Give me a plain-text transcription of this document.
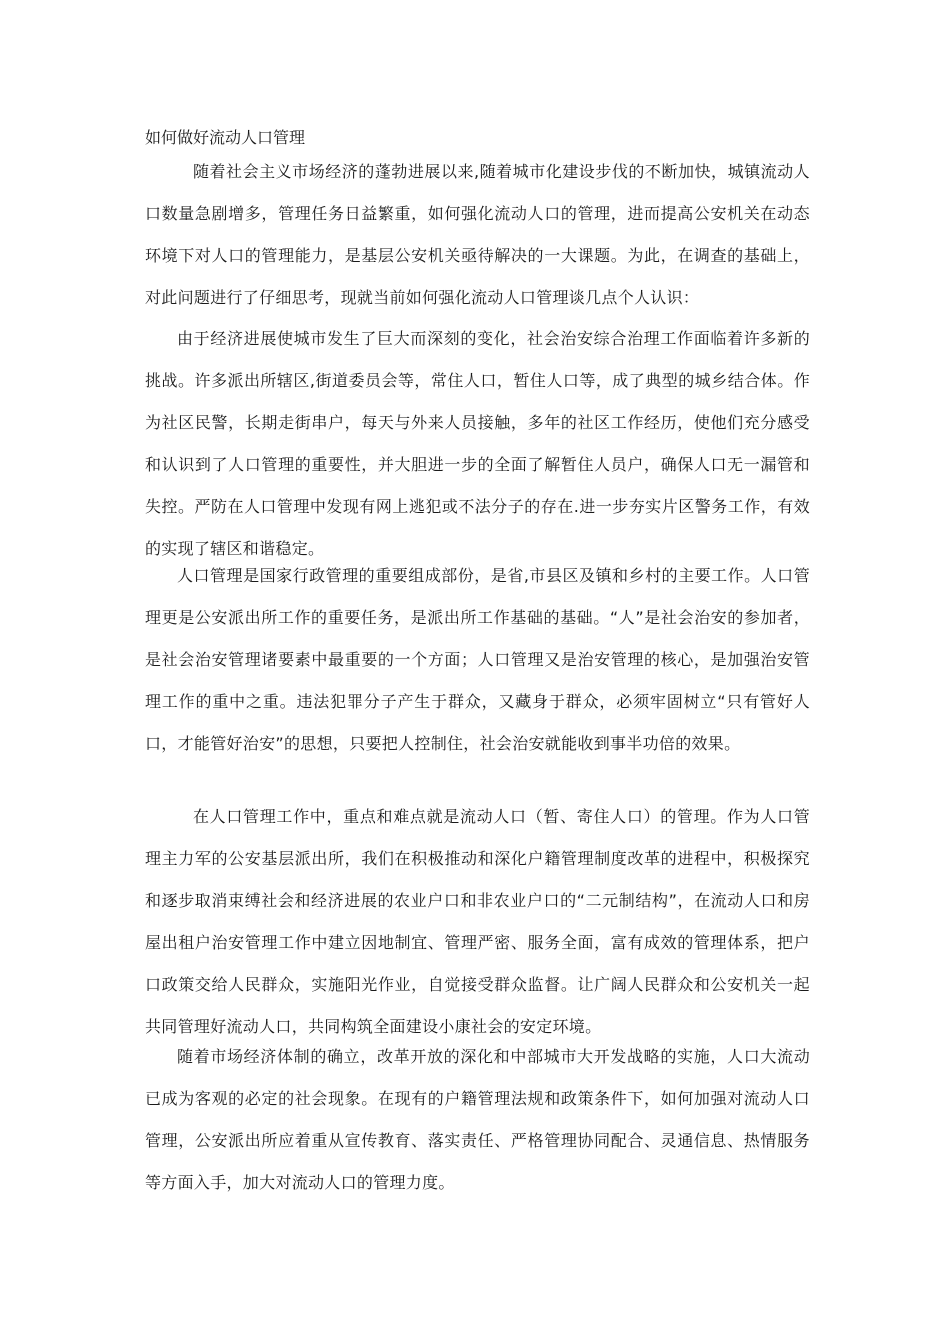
如何做好流动人口管理

随着社会主义市场经济的蓬勃进展以来,随着城市化建设步伐的不断加快，城镇流动人口数量急剧增多，管理任务日益繁重，如何强化流动人口的管理，进而提高公安机关在动态环境下对人口的管理能力，是基层公安机关亟待解决的一大课题。为此，在调查的基础上，对此问题进行了仔细思考，现就当前如何强化流动人口管理谈几点个人认识：

由于经济进展使城市发生了巨大而深刻的变化，社会治安综合治理工作面临着许多新的挑战。许多派出所辖区,街道委员会等，常住人口，暂住人口等，成了典型的城乡结合体。作为社区民警，长期走街串户，每天与外来人员接触，多年的社区工作经历，使他们充分感受和认识到了人口管理的重要性，并大胆进一步的全面了解暂住人员户，确保人口无一漏管和失控。严防在人口管理中发现有网上逃犯或不法分子的存在.进一步夯实片区警务工作，有效的实现了辖区和谐稳定。

人口管理是国家行政管理的重要组成部份，是省,市县区及镇和乡村的主要工作。人口管理更是公安派出所工作的重要任务，是派出所工作基础的基础。“人”是社会治安的参加者，是社会治安管理诸要素中最重要的一个方面；人口管理又是治安管理的核心，是加强治安管理工作的重中之重。违法犯罪分子产生于群众，又藏身于群众，必须牢固树立“只有管好人口，才能管好治安”的思想，只要把人控制住，社会治安就能收到事半功倍的效果。

在人口管理工作中，重点和难点就是流动人口（暂、寄住人口）的管理。作为人口管理主力军的公安基层派出所，我们在积极推动和深化户籍管理制度改革的进程中，积极探究和逐步取消束缚社会和经济进展的农业户口和非农业户口的“二元制结构”，在流动人口和房屋出租户治安管理工作中建立因地制宜、管理严密、服务全面，富有成效的管理体系，把户口政策交给人民群众，实施阳光作业，自觉接受群众监督。让广阔人民群众和公安机关一起共同管理好流动人口，共同构筑全面建设小康社会的安定环境。

随着市场经济体制的确立，改革开放的深化和中部城市大开发战略的实施，人口大流动已成为客观的必定的社会现象。在现有的户籍管理法规和政策条件下，如何加强对流动人口管理，公安派出所应着重从宣传教育、落实责任、严格管理协同配合、灵通信息、热情服务等方面入手，加大对流动人口的管理力度。
